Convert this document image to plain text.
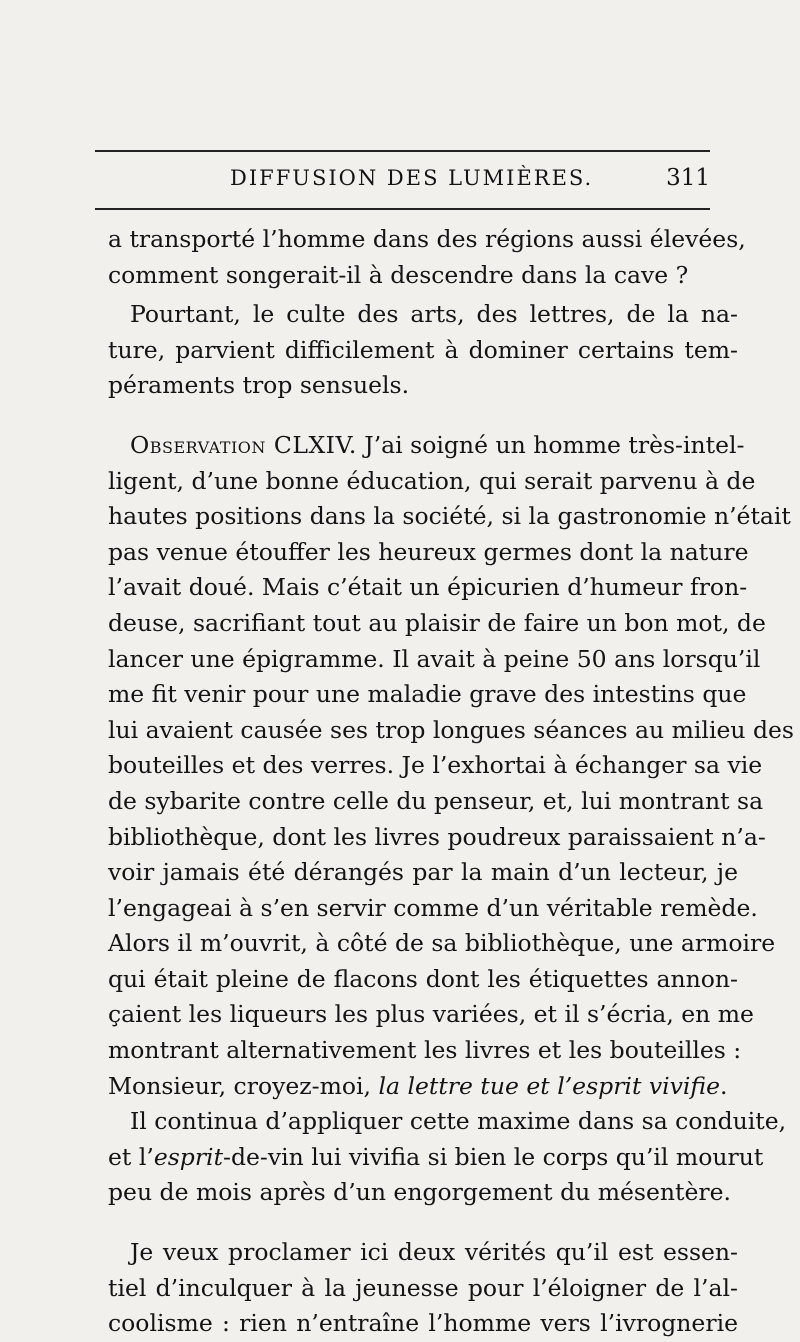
DIFFUSION DES LUMIÈRES.	311
a transporté l’homme dans des régions aussi élevées,
comment songerait-il à descendre dans la cave ?
Pourtant, le culte des arts, des lettres, de la na-
ture, parvient difficilement à dominer certains tem-
péraments trop sensuels.
Observation CLXIV. J’ai soigné un homme très-intel-
ligent, d’une bonne éducation, qui serait parvenu à de
hautes positions dans la société, si la gastronomie n’était
pas venue étouffer les heureux germes dont la nature
l’avait doué. Mais c’était un épicurien d’humeur fron-
deuse, sacrifiant tout au plaisir de faire un bon mot, de
lancer une épigramme. Il avait à peine 50 ans lorsqu’il
me fit venir pour une maladie grave des intestins que
lui avaient causée ses trop longues séances au milieu des
bouteilles et des verres. Je l’exhortai à échanger sa vie
de sybarite contre celle du penseur, et, lui montrant sa
bibliothèque, dont les livres poudreux paraissaient n’a-
voir jamais été dérangés par la main d’un lecteur, je
l’engageai à s’en servir comme d’un véritable remède.
Alors il m’ouvrit, à côté de sa bibliothèque, une armoire
qui était pleine de flacons dont les étiquettes annon-
çaient les liqueurs les plus variées, et il s’écria, en me
montrant alternativement les livres et les bouteilles :
Monsieur, croyez-moi, la lettre tue et l’esprit vivifie.
Il continua d’appliquer cette maxime dans sa conduite,
et l’esprit-de-vin lui vivifia si bien le corps qu’il mourut
peu de mois après d’un engorgement du mésentère.
Je veux proclamer ici deux vérités qu’il est essen-
tiel d’inculquer à la jeunesse pour l’éloigner de l’al-
coolisme : rien n’entraîne l’homme vers l’ivrognerie
